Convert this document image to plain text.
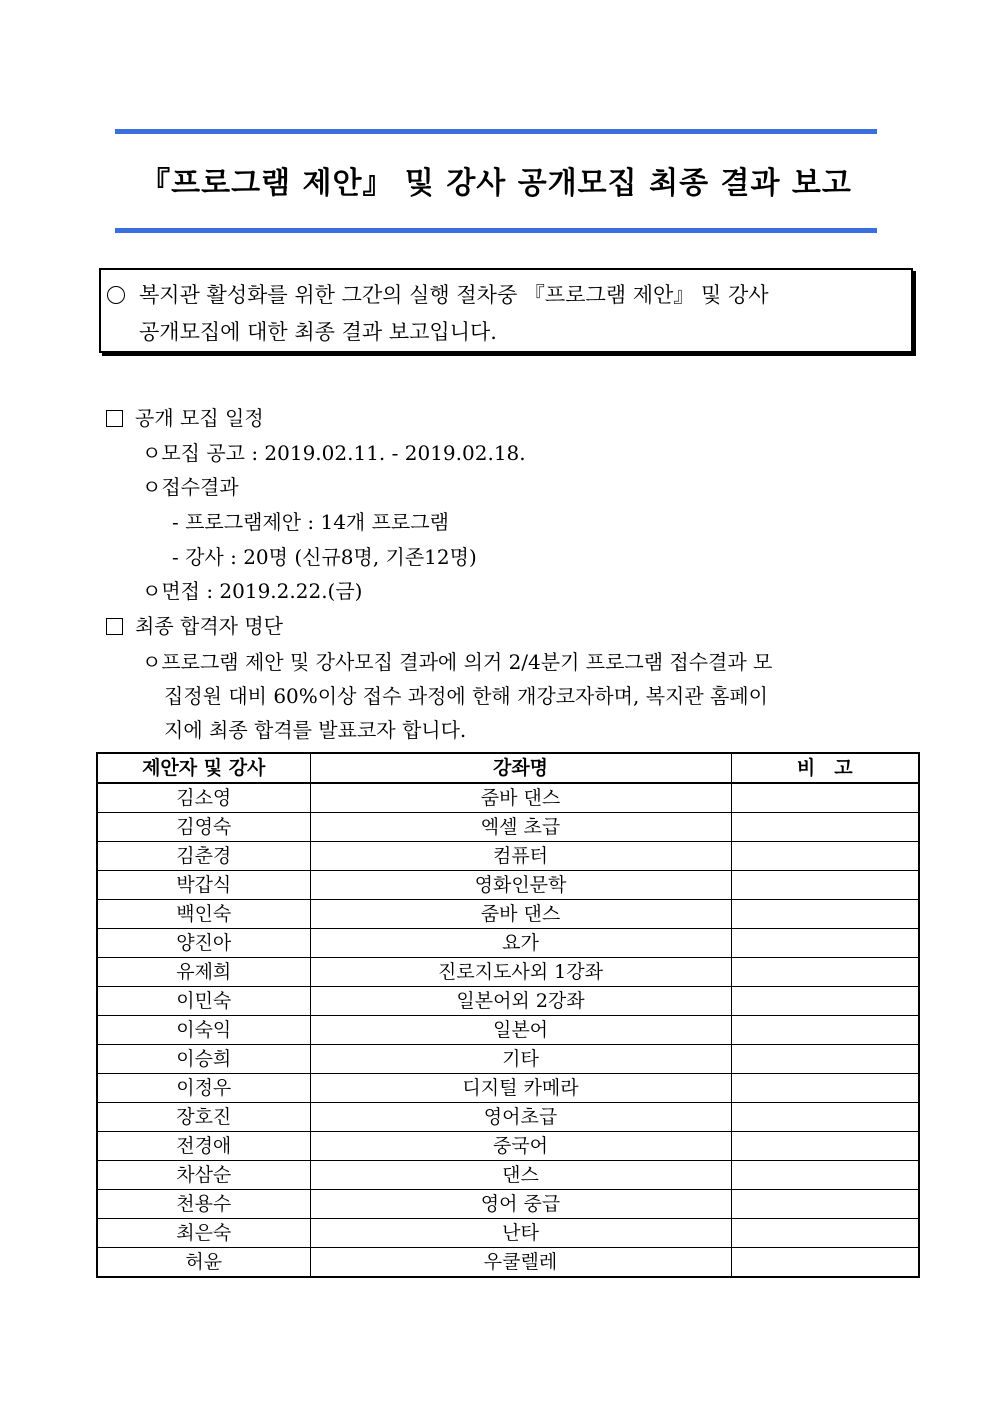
『프로그램 제안』 및 강사 공개모집 최종 결과 보고
복지관 활성화를 위한 그간의 실행 절차중 『프로그램 제안』 및 강사
공개모집에 대한 최종 결과 보고입니다.
공개 모집 일정
ㅇ모집 공고 : 2019.02.11. - 2019.02.18.
ㅇ접수결과
- 프로그램제안 : 14개 프로그램
- 강사 : 20명 (신규8명, 기존12명)
ㅇ면접 : 2019.2.22.(금)
최종 합격자 명단
ㅇ프로그램 제안 및 강사모집 결과에 의거 2/4분기 프로그램 접수결과 모
집정원 대비 60%이상 접수 과정에 한해 개강코자하며, 복지관 홈페이
지에 최종 합격를 발표코자 합니다.
제안자 및 강사	강좌명	비　고
김소영	줌바 댄스	
김영숙	엑셀 초급	
김춘경	컴퓨터	
박갑식	영화인문학	
백인숙	줌바 댄스	
양진아	요가	
유제희	진로지도사외 1강좌	
이민숙	일본어외 2강좌	
이숙익	일본어	
이승희	기타	
이정우	디지털 카메라	
장호진	영어초급	
전경애	중국어	
차삼순	댄스	
천용수	영어 중급	
최은숙	난타	
허윤	우쿨렐레	
